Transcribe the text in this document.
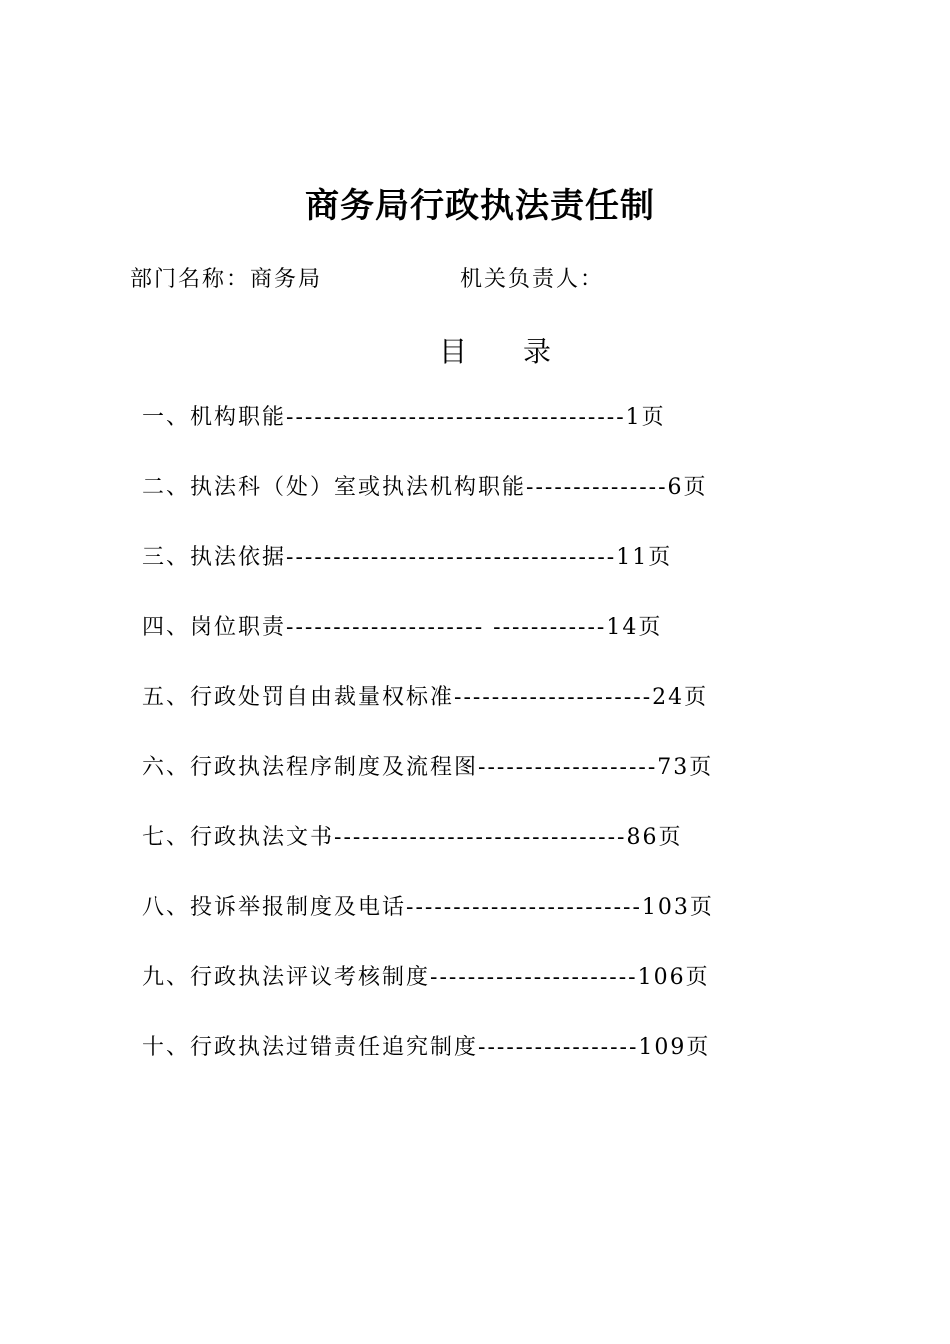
商务局行政执法责任制
部门名称：商务局	机关负责人：
目 录
一、机构职能------------------------------------1页
二、执法科（处）室或执法机构职能---------------6页
三、执法依据-----------------------------------11页
四、岗位职责--------------------- ------------14页
五、行政处罚自由裁量权标准---------------------24页
六、行政执法程序制度及流程图-------------------73页
七、行政执法文书-------------------------------86页
八、投诉举报制度及电话-------------------------103页
九、行政执法评议考核制度----------------------106页
十、行政执法过错责任追究制度-----------------109页
